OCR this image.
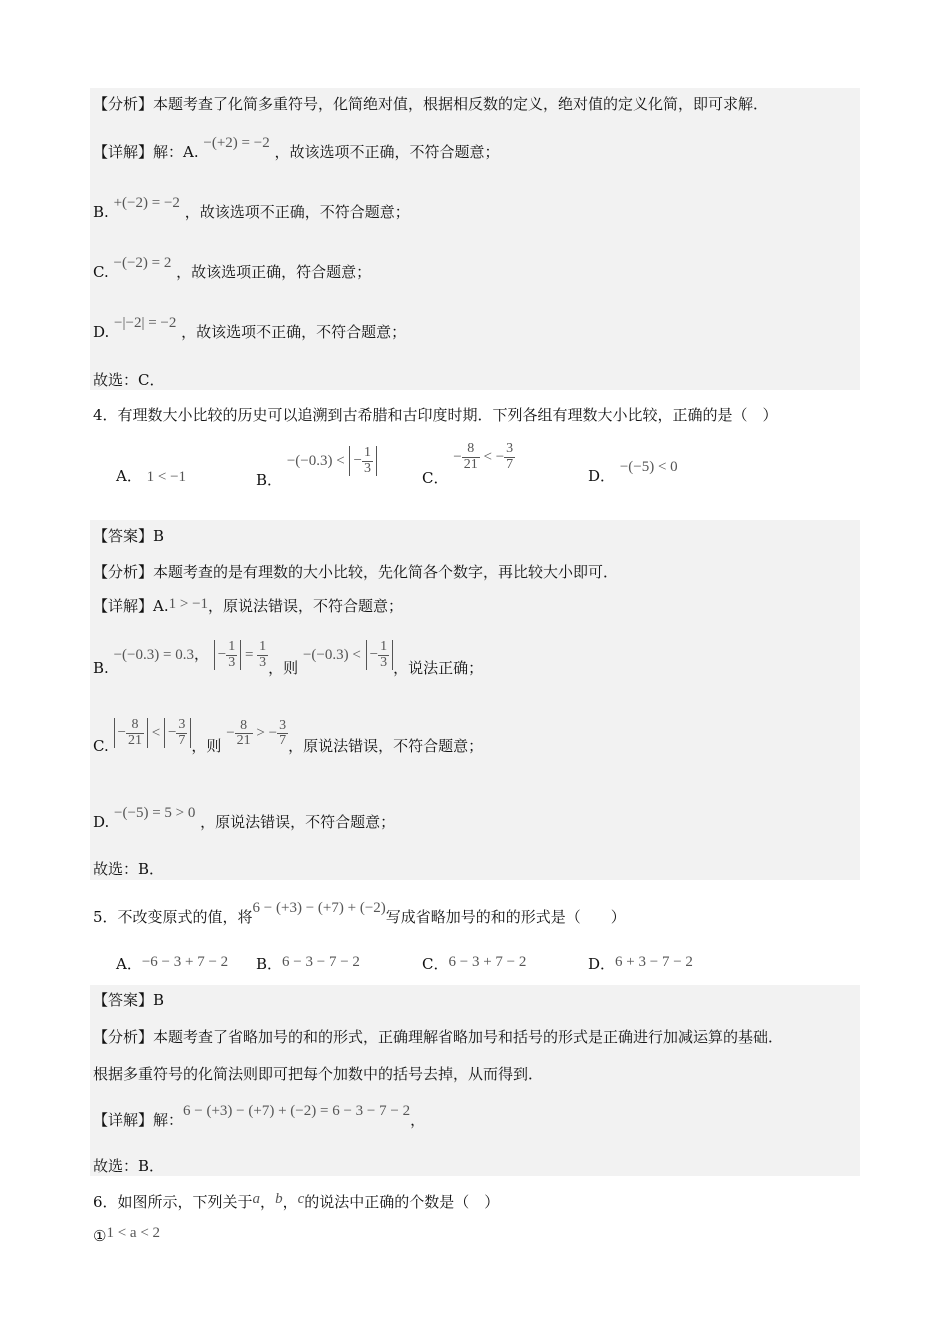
【分析】本题考查了化简多重符号，化简绝对值，根据相反数的定义，绝对值的定义化简，即可求解．
【详解】解：A. −(+2) = −2 ，故该选项不正确，不符合题意；
B. +(−2) = −2 ，故该选项不正确，不符合题意；
C. −(−2) = 2 ，故该选项正确，符合题意；
D. −|−2| = −2 ，故该选项不正确，不符合题意；
故选：C．
4．有理数大小比较的历史可以追溯到古希腊和古印度时期．下列各组有理数大小比较，正确的是（　）
A． 1 < −1	B． −(−0.3) < − $\frac{1}{3}$
C． − $\frac{8}{21}$ < − $\frac{3}{7}$
D． −(−5) < 0
【答案】B
【分析】本题考查的是有理数的大小比较，先化简各个数字，再比较大小即可．
【详解】A.1 > −1，原说法错误，不符合题意；
B. −(−0.3) = 0.3， − $\frac{1}{3} = \frac{1}{3}$ ，则 −(−0.3) < − $\frac{1}{3}$ ，说法正确；
C. − $\frac{8}{21}$ < − $\frac{3}{7}$ ，则 − $\frac{8}{21}$ > − $\frac{3}{7}$ ，原说法错误，不符合题意；
D. −(−5) = 5 > 0 ，原说法错误，不符合题意；
故选：B．
5．不改变原式的值，将6 − (+3) − (+7) + (−2)写成省略加号的和的形式是（　　）
A．−6 − 3 + 7 − 2 B．6 − 3 − 7 − 2	C．6 − 3 + 7 − 2	D．6 + 3 − 7 − 2
【答案】B
【分析】本题考查了省略加号的和的形式，正确理解省略加号和括号的形式是正确进行加减运算的基础．
根据多重符号的化简法则即可把每个加数中的括号去掉，从而得到．
【详解】解：6 − (+3) − (+7) + (−2) = 6 − 3 − 7 − 2，
故选：B．
6．如图所示，下列关于a，b，c的说法中正确的个数是（　）
①1 < a < 2
